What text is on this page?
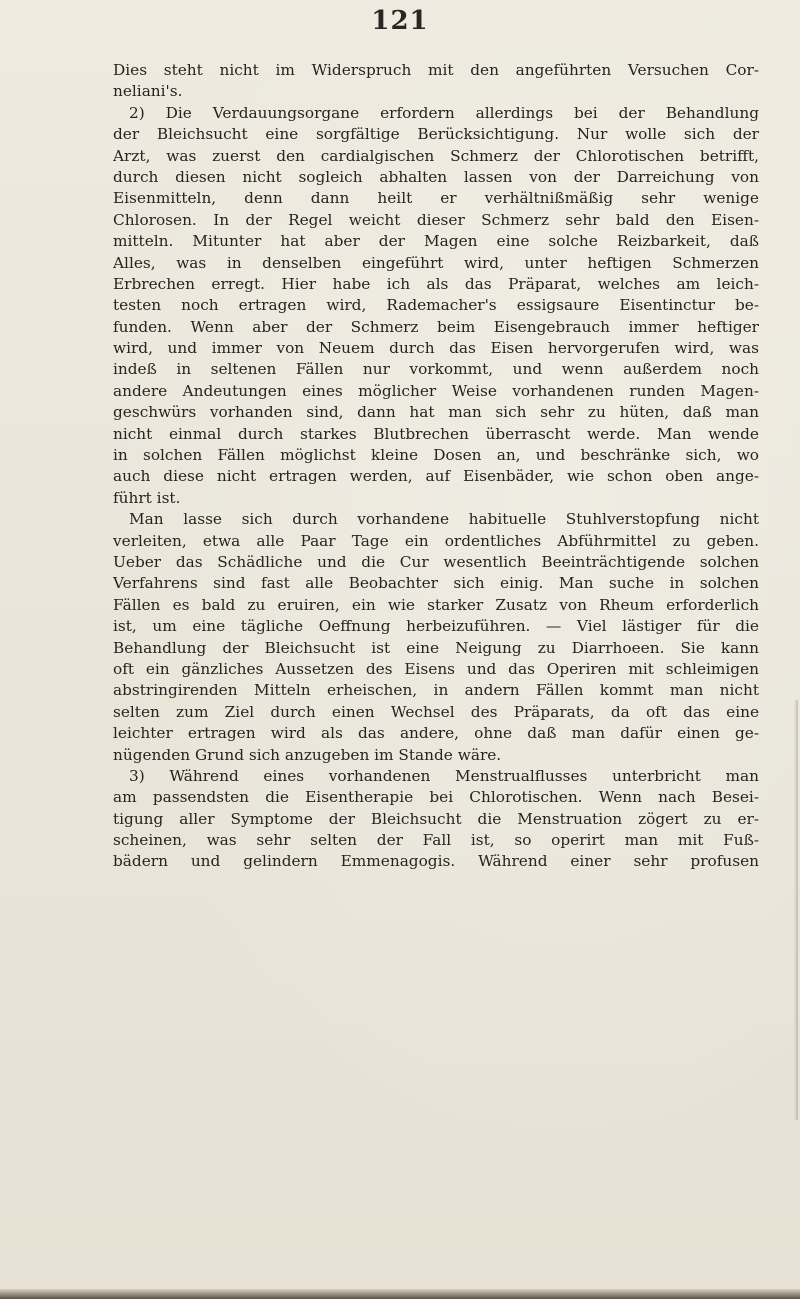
121
Dies steht nicht im Widerspruch mit den angeführten Versuchen Cor-
neliani's.
2) Die Verdauungsorgane erfordern allerdings bei der Behandlung
der Bleichsucht eine sorgfältige Berücksichtigung. Nur wolle sich der
Arzt, was zuerst den cardialgischen Schmerz der Chlorotischen betrifft,
durch diesen nicht sogleich abhalten lassen von der Darreichung von
Eisenmitteln, denn dann heilt er verhältnißmäßig sehr wenige
Chlorosen. In der Regel weicht dieser Schmerz sehr bald den Eisen-
mitteln. Mitunter hat aber der Magen eine solche Reizbarkeit, daß
Alles, was in denselben eingeführt wird, unter heftigen Schmerzen
Erbrechen erregt. Hier habe ich als das Präparat, welches am leich-
testen noch ertragen wird, Rademacher's essigsaure Eisentinctur be-
funden. Wenn aber der Schmerz beim Eisengebrauch immer heftiger
wird, und immer von Neuem durch das Eisen hervorgerufen wird, was
indeß in seltenen Fällen nur vorkommt, und wenn außerdem noch
andere Andeutungen eines möglicher Weise vorhandenen runden Magen-
geschwürs vorhanden sind, dann hat man sich sehr zu hüten, daß man
nicht einmal durch starkes Blutbrechen überrascht werde. Man wende
in solchen Fällen möglichst kleine Dosen an, und beschränke sich, wo
auch diese nicht ertragen werden, auf Eisenbäder, wie schon oben ange-
führt ist.
Man lasse sich durch vorhandene habituelle Stuhlverstopfung nicht
verleiten, etwa alle Paar Tage ein ordentliches Abführmittel zu geben.
Ueber das Schädliche und die Cur wesentlich Beeinträchtigende solchen
Verfahrens sind fast alle Beobachter sich einig. Man suche in solchen
Fällen es bald zu eruiren, ein wie starker Zusatz von Rheum erforderlich
ist, um eine tägliche Oeffnung herbeizuführen. — Viel lästiger für die
Behandlung der Bleichsucht ist eine Neigung zu Diarrhoeen. Sie kann
oft ein gänzliches Aussetzen des Eisens und das Operiren mit schleimigen
abstringirenden Mitteln erheischen, in andern Fällen kommt man nicht
selten zum Ziel durch einen Wechsel des Präparats, da oft das eine
leichter ertragen wird als das andere, ohne daß man dafür einen ge-
nügenden Grund sich anzugeben im Stande wäre.
3) Während eines vorhandenen Menstrualflusses unterbricht man
am passendsten die Eisentherapie bei Chlorotischen. Wenn nach Besei-
tigung aller Symptome der Bleichsucht die Menstruation zögert zu er-
scheinen, was sehr selten der Fall ist, so operirt man mit Fuß-
bädern und gelindern Emmenagogis. Während einer sehr profusen
